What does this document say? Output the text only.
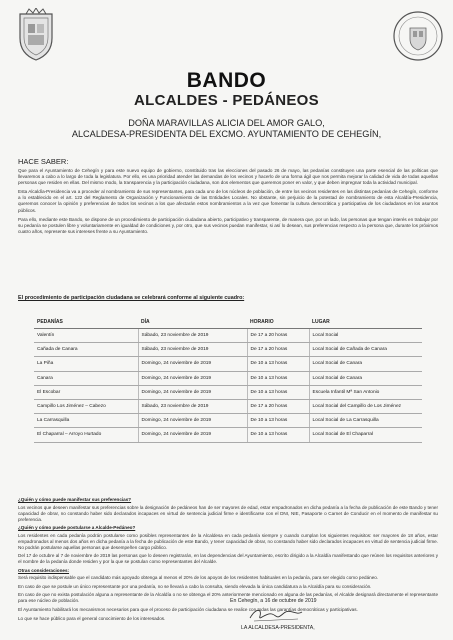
BANDO
ALCALDES - PEDÁNEOS
DOÑA MARAVILLAS ALICIA DEL AMOR GALO,
ALCALDESA-PRESIDENTA DEL EXCMO. AYUNTAMIENTO DE CEHEGÍN,
HACE SABER:

Que para el Ayuntamiento de Cehegín y para este nuevo equipo de gobierno, constituido tras las elecciones del pasado 26 de mayo, las pedanías constituyen una parte esencial de las políticas que llevaremos a cabo a lo largo de toda la legislatura. Por ello, es una prioridad atender las demandas de los vecinos y hacerlo de una forma ágil que nos permita mejorar la calidad de vida de todas aquellas personas que residen en ellas. Del mismo modo, la transparencia y la participación ciudadana, son dos elementos que queremos poner en valor, y que deben impregnar toda la actividad municipal.

Esta Alcaldía-Presidencia va a proceder al nombramiento de sus representantes, para cada uno de los núcleos de población, de entre los vecinos residentes en las distintas pedanías de Cehegín, conforme a lo establecido en el art. 122 del Reglamento de Organización y Funcionamiento de las Entidades Locales. No obstante, sin perjuicio de la potestad de nombramiento de esta Alcaldía-Presidencia, queremos conocer la opinión y preferencias de todos los vecinos a los que afectarán estos nombramientos a la vez que fomentar la cultura democrática y participativa de los ciudadanos en los asuntos públicos.

Para ello, mediante este Bando, se dispone de un procedimiento de participación ciudadana abierto, participativo y transparente, de manera que, por un lado, las personas que tengan interés en trabajar por su pedanía se postulen libre y voluntariamente en igualdad de condiciones y, por otro, que sus vecinos puedan manifestar, si así lo desean, sus preferencias respecto a la persona que, durante los próximos cuatro años, represente sus intereses frente a su Ayuntamiento.

El procedimiento de participación ciudadana se celebrará conforme al siguiente cuadro:
PEDANÍAS	DÍA	HORARIO	LUGAR
Valentín	Sábado, 23 noviembre de 2019	De 17 a 20 horas	Local Social
Cañada de Canara	Sábado, 23 noviembre de 2019	De 17 a 20 horas	Local Social de Cañada de Canara
La Piña	Domingo, 24 noviembre de 2019	De 10 a 13 horas	Local Social de Canara
Canara	Domingo, 24 noviembre de 2019	De 10 a 13 horas	Local Social de Canara
El Escobar	Domingo, 24 noviembre de 2019	De 10 a 13 horas	Escuela Infantil Mª San Antonio
Campillo Los Jiménez – Cabezo	Sábado, 23 noviembre de 2019	De 17 a 20 horas	Local Social del Campillo de Los Jiménez
La Carrasquilla	Domingo, 24 noviembre de 2019	De 10 a 13 horas	Local Social de La Carrasquilla
El Chaparral – Arroyo Hurtado	Domingo, 24 noviembre de 2019	De 10 a 13 horas	Local Social de El Chaparral

¿Quién y cómo puede manifestar sus preferencias?

Los vecinos que deseen manifestar sus preferencias sobre la designación de pedáneos han de ser mayores de edad, estar empadronados en dicha pedanía a la fecha de publicación de este Bando y tener capacidad de obrar, no constando haber sido declarados incapaces en virtud de sentencia judicial firme e identificarse con el DNI, NIE, Pasaporte o Carnet de Conducir en el momento de manifestar su preferencia.

¿Quién y cómo puede postularse a Alcalde-Pedáneo?

Los residentes en cada pedanía podrán postularse como posibles representantes de la Alcaldesa en cada pedanía siempre y cuando cumplan los siguientes requisitos: ser mayores de 18 años, estar empadronados al menos dos años en dicha pedanía a la fecha de publicación de este Bando, y tener capacidad de obrar, no constando haber sido declarados incapaces en virtud de sentencia judicial firme. No podrán postularse aquellas personas que desempeñen cargo público.

Del 17 de octubre al 7 de noviembre de 2019 las personas que lo deseen registrarán, en las dependencias del Ayuntamiento, escrito dirigido a la Alcaldía manifestando que reúnen los requisitos anteriores y el nombre de la pedanía donde residen y por la que se postulan como representantes del Alcalde.

Otras consideraciones:

Será requisito indispensable que el candidato más apoyado obtenga al menos el 20% de los apoyos de los residentes habituales en la pedanía, para ser elegido como pedáneo.

En caso de que se postule un único representante por una pedanía, no se llevará a cabo la consulta, siendo elevada la única candidatura a la Alcaldía para su consideración.

En caso de que no exista postulación alguna a representante de la Alcaldía o no se obtenga el 20% anteriormente mencionado en alguna de las pedanías, el Alcalde designará directamente el representante para ese núcleo de población.

El Ayuntamiento habilitará los mecanismos necesarios para que el proceso de participación ciudadana se realice con todas las garantías democráticas y participativas.

Lo que se hace público para el general conocimiento de los interesados.

En Cehegín, a 16 de octubre de 2019
LA ALCALDESA-PRESIDENTA,
